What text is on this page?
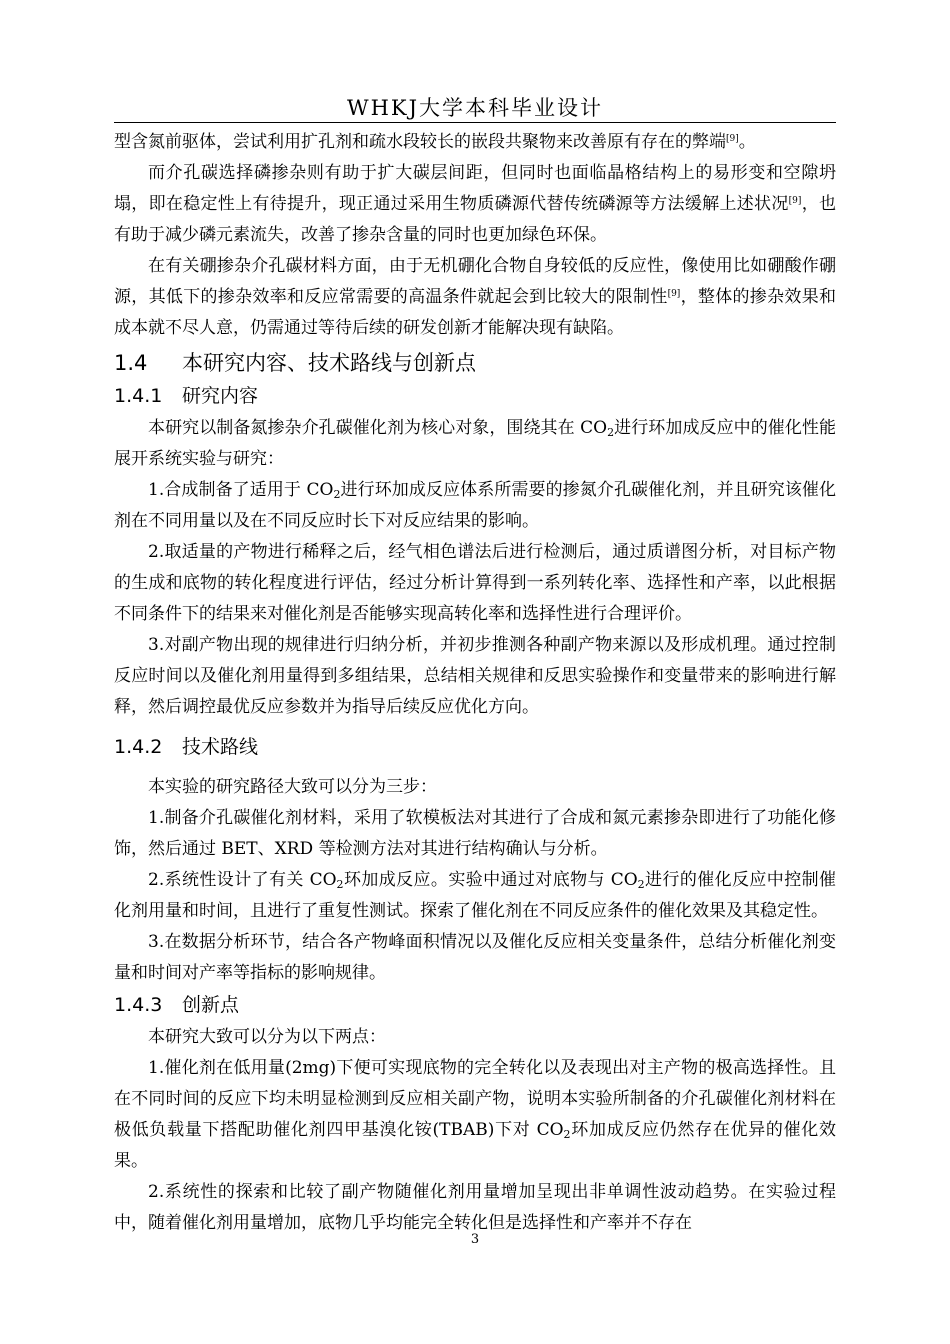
WHKJ大学本科毕业设计

型含氮前驱体，尝试利用扩孔剂和疏水段较长的嵌段共聚物来改善原有存在的弊端[9]。

而介孔碳选择磷掺杂则有助于扩大碳层间距，但同时也面临晶格结构上的易形变和空隙坍塌，即在稳定性上有待提升，现正通过采用生物质磷源代替传统磷源等方法缓解上述状况[9]，也有助于减少磷元素流失，改善了掺杂含量的同时也更加绿色环保。

在有关硼掺杂介孔碳材料方面，由于无机硼化合物自身较低的反应性，像使用比如硼酸作硼源，其低下的掺杂效率和反应常需要的高温条件就起会到比较大的限制性[9]，整体的掺杂效果和成本就不尽人意，仍需通过等待后续的研发创新才能解决现有缺陷。

1.4 本研究内容、技术路线与创新点
1.4.1 研究内容

本研究以制备氮掺杂介孔碳催化剂为核心对象，围绕其在 $CO_2$进行环加成反应中的催化性能展开系统实验与研究：

1.合成制备了适用于 $CO_2$进行环加成反应体系所需要的掺氮介孔碳催化剂，并且研究该催化剂在不同用量以及在不同反应时长下对反应结果的影响。

2.取适量的产物进行稀释之后，经气相色谱法后进行检测后，通过质谱图分析，对目标产物的生成和底物的转化程度进行评估，经过分析计算得到一系列转化率、选择性和产率，以此根据不同条件下的结果来对催化剂是否能够实现高转化率和选择性进行合理评价。

3.对副产物出现的规律进行归纳分析，并初步推测各种副产物来源以及形成机理。通过控制反应时间以及催化剂用量得到多组结果，总结相关规律和反思实验操作和变量带来的影响进行解释，然后调控最优反应参数并为指导后续反应优化方向。

1.4.2 技术路线

本实验的研究路径大致可以分为三步：

1.制备介孔碳催化剂材料，采用了软模板法对其进行了合成和氮元素掺杂即进行了功能化修饰，然后通过 BET、XRD 等检测方法对其进行结构确认与分析。

2.系统性设计了有关 $CO_2$环加成反应。实验中通过对底物与 $CO_2$进行的催化反应中控制催化剂用量和时间，且进行了重复性测试。探索了催化剂在不同反应条件的催化效果及其稳定性。

3.在数据分析环节，结合各产物峰面积情况以及催化反应相关变量条件，总结分析催化剂变量和时间对产率等指标的影响规律。

1.4.3 创新点

本研究大致可以分为以下两点：

1.催化剂在低用量(2mg)下便可实现底物的完全转化以及表现出对主产物的极高选择性。且在不同时间的反应下均未明显检测到反应相关副产物，说明本实验所制备的介孔碳催化剂材料在极低负载量下搭配助催化剂四甲基溴化铵(TBAB)下对 $CO_2$环加成反应仍然存在优异的催化效果。

2.系统性的探索和比较了副产物随催化剂用量增加呈现出非单调性波动趋势。在实验过程中，随着催化剂用量增加，底物几乎均能完全转化但是选择性和产率并不存在

3
